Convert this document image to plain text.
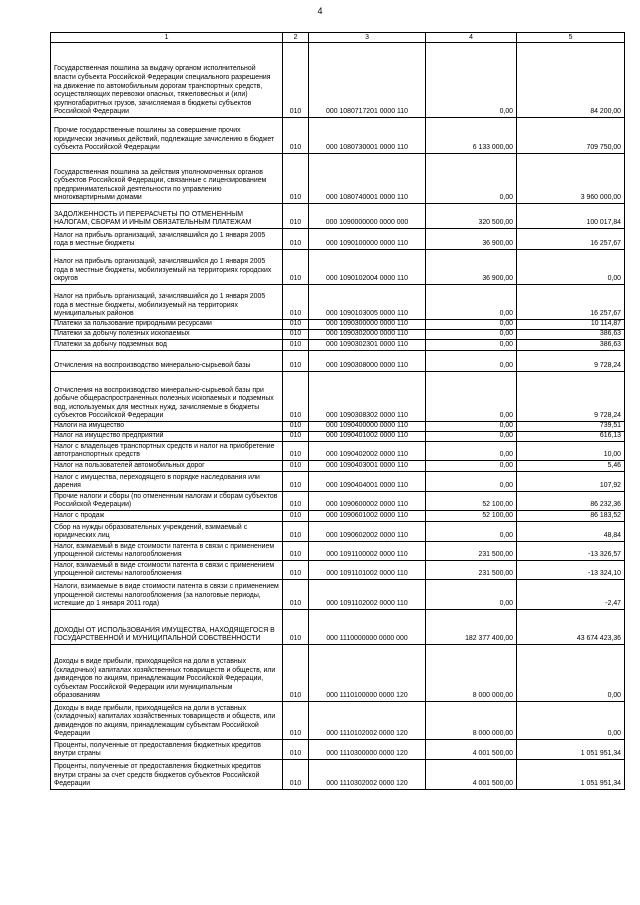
4
1	2	3	4	5
Государственная пошлина за выдачу органом исполнительной власти субъекта Российской Федерации специального разрешения на движение по автомобильным дорогам транспортных средств, осуществляющих перевозки опасных, тяжеловесных и (или) крупногабаритных грузов, зачисляемая в бюджеты субъектов Российской Федерации	010	000 1080717201 0000 110	0,00	84 200,00
Прочие государственные пошлины за совершение прочих юридически значимых действий, подлежащие зачислению в бюджет субъекта Российской Федерации	010	000 1080730001 0000 110	6 133 000,00	709 750,00
Государственная пошлина за действия уполномоченных органов субъектов Российской Федерации, связанные с лицензированием предпринимательской деятельности по управлению многоквартирными домами	010	000 1080740001 0000 110	0,00	3 960 000,00
ЗАДОЛЖЕННОСТЬ И ПЕРЕРАСЧЕТЫ ПО ОТМЕНЕННЫМ НАЛОГАМ, СБОРАМ И ИНЫМ ОБЯЗАТЕЛЬНЫМ ПЛАТЕЖАМ	010	000 1090000000 0000 000	320 500,00	100 017,84
Налог на прибыль организаций, зачислявшийся до 1 января 2005 года в местные бюджеты	010	000 1090100000 0000 110	36 900,00	16 257,67
Налог на прибыль организаций, зачислявшийся до 1 января 2005 года в местные бюджеты, мобилизуемый на территориях городских округов	010	000 1090102004 0000 110	36 900,00	0,00
Налог на прибыль организаций, зачислявшийся до 1 января 2005 года в местные бюджеты, мобилизуемый на территориях муниципальных районов	010	000 1090103005 0000 110	0,00	16 257,67
Платежи за пользование природными ресурсами	010	000 1090300000 0000 110	0,00	10 114,87
Платежи за добычу полезных ископаемых	010	000 1090302000 0000 110	0,00	386,63
Платежи за добычу подземных вод	010	000 1090302301 0000 110	0,00	386,63
Отчисления на воспроизводство минерально-сырьевой базы	010	000 1090308000 0000 110	0,00	9 728,24
Отчисления на воспроизводство минерально-сырьевой базы при добыче общераспространенных полезных ископаемых и подземных вод, используемых для местных нужд, зачисляемые в бюджеты субъектов Российской Федерации	010	000 1090308302 0000 110	0,00	9 728,24
Налоги на имущество	010	000 1090400000 0000 110	0,00	739,51
Налог на имущество предприятий	010	000 1090401002 0000 110	0,00	616,13
Налог с владельцев транспортных средств и налог на приобретение автотранспортных средств	010	000 1090402002 0000 110	0,00	10,00
Налог на пользователей автомобильных дорог	010	000 1090403001 0000 110	0,00	5,46
Налог с имущества, переходящего в порядке наследования или дарения	010	000 1090404001 0000 110	0,00	107,92
Прочие налоги и сборы (по отмененным налогам и сборам субъектов Российской Федерации)	010	000 1090600002 0000 110	52 100,00	86 232,36
Налог с продаж	010	000 1090601002 0000 110	52 100,00	86 183,52
Сбор на нужды образовательных учреждений, взимаемый с юридических лиц	010	000 1090602002 0000 110	0,00	48,84
Налог, взимаемый в виде стоимости патента в связи с применением упрощенной системы налогообложения	010	000 1091100002 0000 110	231 500,00	-13 326,57
Налог, взимаемый в виде стоимости патента в связи с применением упрощенной системы налогообложения	010	000 1091101002 0000 110	231 500,00	-13 324,10
Налоги, взимаемые в виде стоимости патента в связи с применением упрощенной системы налогообложения (за налоговые периоды, истекшие до 1 января 2011 года)	010	000 1091102002 0000 110	0,00	-2,47
ДОХОДЫ ОТ ИСПОЛЬЗОВАНИЯ ИМУЩЕСТВА, НАХОДЯЩЕГОСЯ В ГОСУДАРСТВЕННОЙ И МУНИЦИПАЛЬНОЙ СОБСТВЕННОСТИ	010	000 1110000000 0000 000	182 377 400,00	43 674 423,36
Доходы в виде прибыли, приходящейся на доли в уставных (складочных) капиталах хозяйственных товариществ и обществ, или дивидендов по акциям, принадлежащим Российской Федерации, субъектам Российской Федерации или муниципальным образованиям	010	000 1110100000 0000 120	8 000 000,00	0,00
Доходы в виде прибыли, приходящейся на доли в уставных (складочных) капиталах хозяйственных товариществ и обществ, или дивидендов по акциям, принадлежащим субъектам Российской Федерации	010	000 1110102002 0000 120	8 000 000,00	0,00
Проценты, полученные от предоставления бюджетных кредитов внутри страны	010	000 1110300000 0000 120	4 001 500,00	1 051 951,34
Проценты, полученные от предоставления бюджетных кредитов внутри страны за счет средств бюджетов субъектов Российской Федерации	010	000 1110302002 0000 120	4 001 500,00	1 051 951,34
